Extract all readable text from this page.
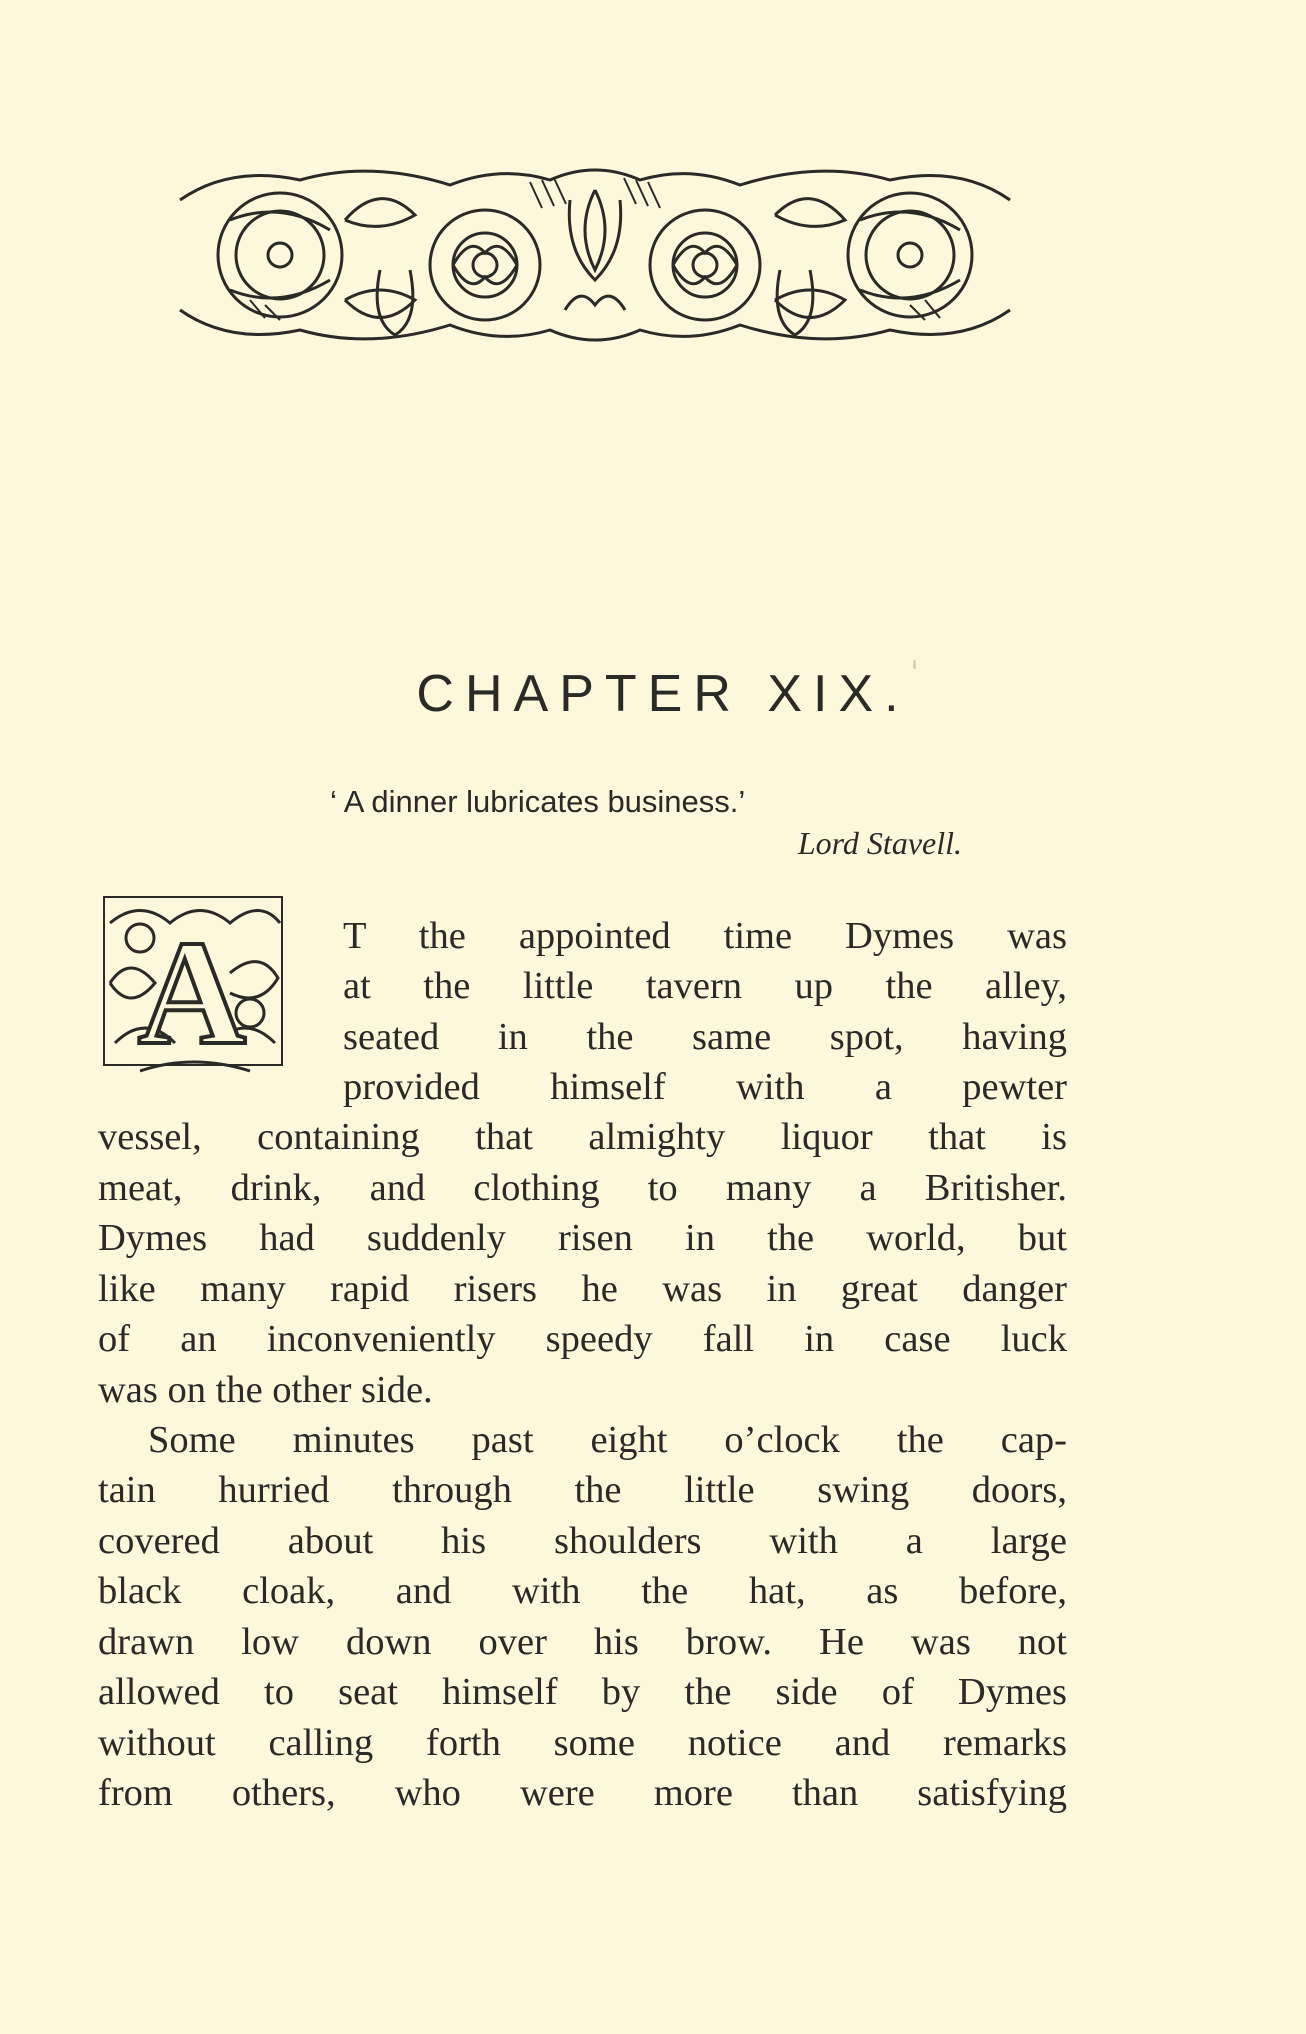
CHAPTER XIX.
‘ A dinner lubricates business.’
Lord Stavell.
A	T the appointed time Dymes was
at the little tavern up the alley,
seated in the same spot, having
provided himself with a pewter
vessel, containing that almighty liquor that is
meat, drink, and clothing to many a Britisher.
Dymes had suddenly risen in the world, but
like many rapid risers he was in great danger
of an inconveniently speedy fall in case luck
was on the other side.
Some minutes past eight o’clock the cap-
tain hurried through the little swing doors,
covered about his shoulders with a large
black cloak, and with the hat, as before,
drawn low down over his brow. He was not
allowed to seat himself by the side of Dymes
without calling forth some notice and remarks
from others, who were more than satisfying
